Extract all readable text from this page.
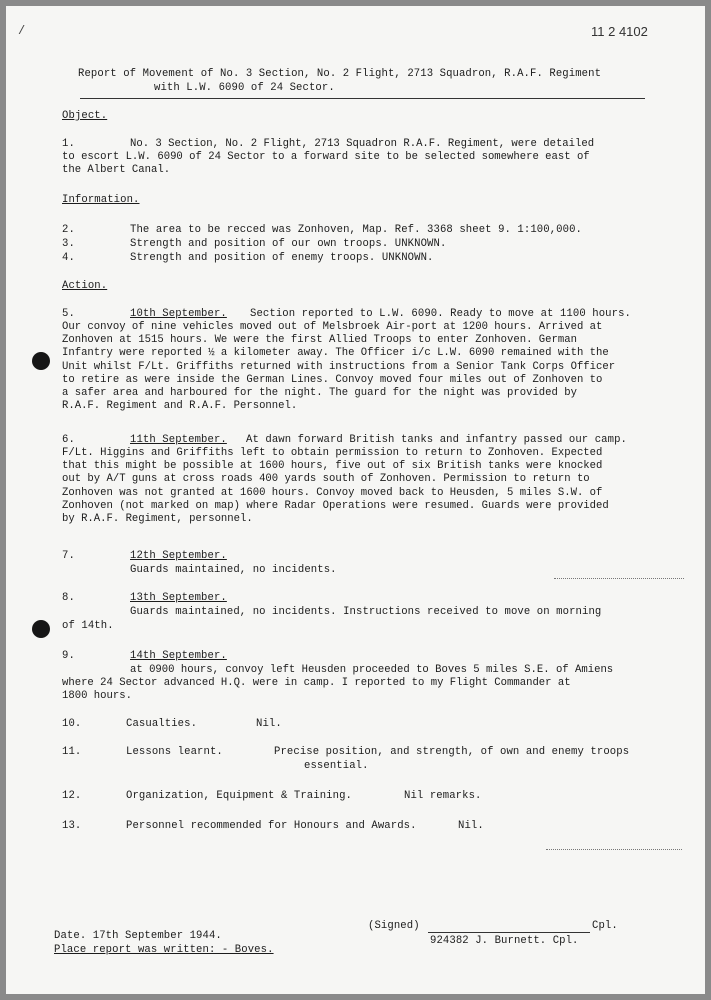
/	11 2 4102
Report of Movement of No. 3 Section, No. 2 Flight, 2713 Squadron, R.A.F. Regiment
with L.W. 6090 of 24 Sector.
Object.
1.	No. 3 Section, No. 2 Flight, 2713 Squadron R.A.F. Regiment, were detailed
to escort L.W. 6090 of 24 Sector to a forward site to be selected somewhere east of
the Albert Canal.
Information.
2.	The area to be recced was Zonhoven, Map. Ref. 3368 sheet 9. 1:100,000.
3.	Strength and position of our own troops. UNKNOWN.
4.	Strength and position of enemy troops. UNKNOWN.
Action.
5.	10th September. Section reported to L.W. 6090. Ready to move at 1100 hours.
Our convoy of nine vehicles moved out of Melsbroek Air-port at 1200 hours. Arrived at
Zonhoven at 1515 hours. We were the first Allied Troops to enter Zonhoven. German
Infantry were reported ½ a kilometer away. The Officer i/c L.W. 6090 remained with the
Unit whilst F/Lt. Griffiths returned with instructions from a Senior Tank Corps Officer
to retire as were inside the German Lines. Convoy moved four miles out of Zonhoven to
a safer area and harboured for the night. The guard for the night was provided by
R.A.F. Regiment and R.A.F. Personnel.
6.	11th September. At dawn forward British tanks and infantry passed our camp.
F/Lt. Higgins and Griffiths left to obtain permission to return to Zonhoven. Expected
that this might be possible at 1600 hours, five out of six British tanks were knocked
out by A/T guns at cross roads 400 yards south of Zonhoven. Permission to return to
Zonhoven was not granted at 1600 hours. Convoy moved back to Heusden, 5 miles S.W. of
Zonhoven (not marked on map) where Radar Operations were resumed. Guards were provided
by R.A.F. Regiment, personnel.
7.	12th September.
Guards maintained, no incidents.
8.	13th September.
Guards maintained, no incidents. Instructions received to move on morning
of 14th.
9.	14th September.
at 0900 hours, convoy left Heusden proceeded to Boves 5 miles S.E. of Amiens
where 24 Sector advanced H.Q. were in camp. I reported to my Flight Commander at
1800 hours.
10.	Casualties.	Nil.
11.	Lessons learnt.	Precise position, and strength, of own and enemy troops
essential.
12.	Organization, Equipment & Training.	Nil remarks.
13.	Personnel recommended for Honours and Awards.	Nil.
(Signed)	Cpl.
924382 J. Burnett. Cpl.
Date. 17th September 1944.
Place report was written: - Boves.
